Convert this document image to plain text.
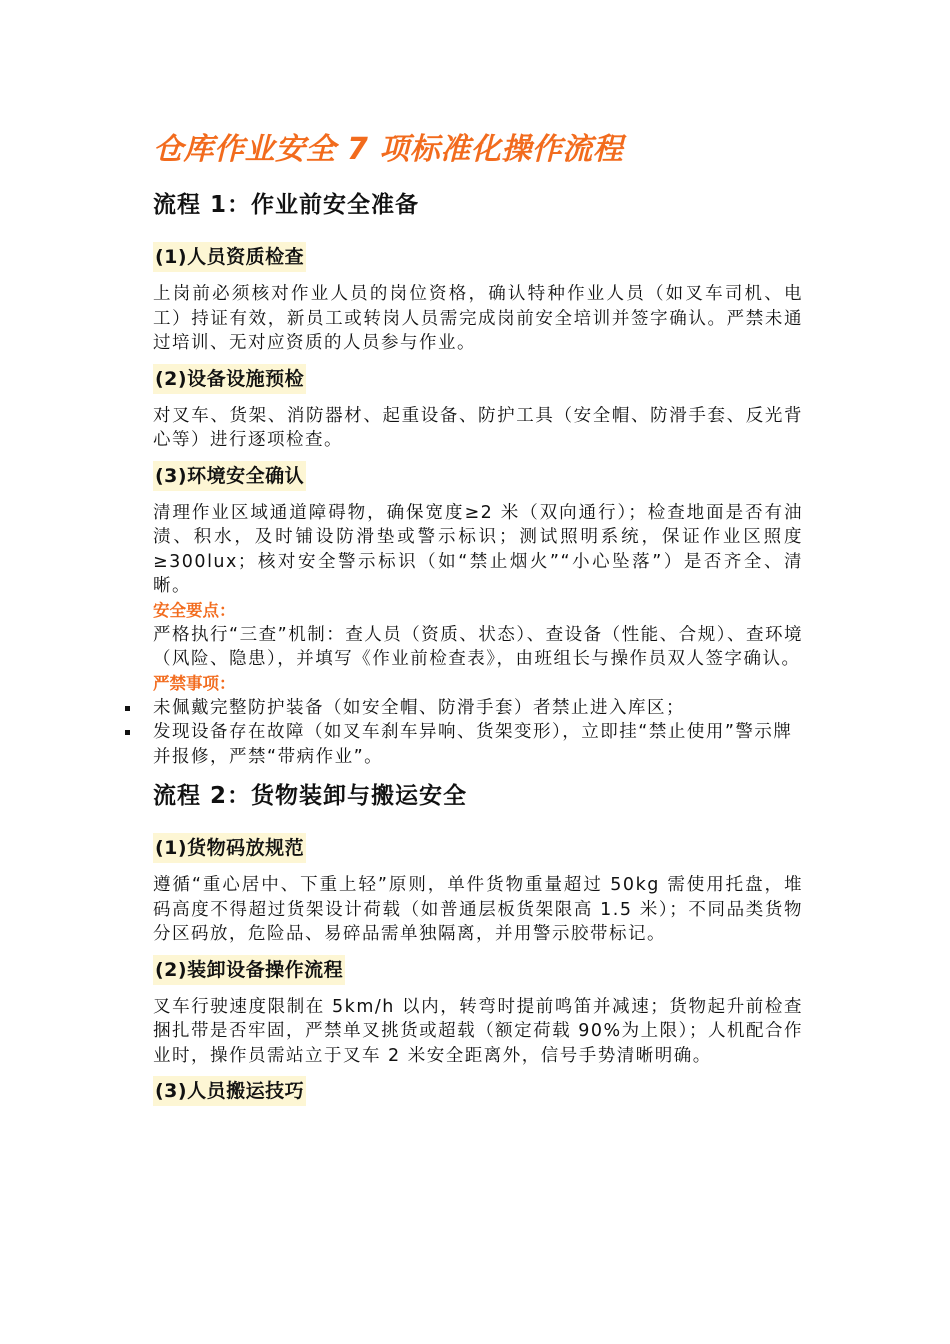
仓库作业安全 7 项标准化操作流程
流程 1：作业前安全准备
(1)人员资质检查

上岗前必须核对作业人员的岗位资格，确认特种作业人员（如叉车司机、电工）持证有效，新员工或转岗人员需完成岗前安全培训并签字确认。严禁未通过培训、无对应资质的人员参与作业。

(2)设备设施预检

对叉车、货架、消防器材、起重设备、防护工具（安全帽、防滑手套、反光背心等）进行逐项检查。

(3)环境安全确认

清理作业区域通道障碍物，确保宽度≥2 米（双向通行）；检查地面是否有油渍、积水，及时铺设防滑垫或警示标识；测试照明系统，保证作业区照度≥300lux；核对安全警示标识（如“禁止烟火”“小心坠落”）是否齐全、清晰。

安全要点：

严格执行“三查”机制：查人员（资质、状态）、查设备（性能、合规）、查环境（风险、隐患），并填写《作业前检查表》，由班组长与操作员双人签字确认。

严禁事项：

未佩戴完整防护装备（如安全帽、防滑手套）者禁止进入库区；
发现设备存在故障（如叉车刹车异响、货架变形），立即挂“禁止使用”警示牌并报修，严禁“带病作业”。
流程 2：货物装卸与搬运安全
(1)货物码放规范

遵循“重心居中、下重上轻”原则，单件货物重量超过 50kg 需使用托盘，堆码高度不得超过货架设计荷载（如普通层板货架限高 1.5 米）；不同品类货物分区码放，危险品、易碎品需单独隔离，并用警示胶带标记。

(2)装卸设备操作流程

叉车行驶速度限制在 5km/h 以内，转弯时提前鸣笛并减速；货物起升前检查捆扎带是否牢固，严禁单叉挑货或超载（额定荷载 90%为上限）；人机配合作业时，操作员需站立于叉车 2 米安全距离外，信号手势清晰明确。

(3)人员搬运技巧
